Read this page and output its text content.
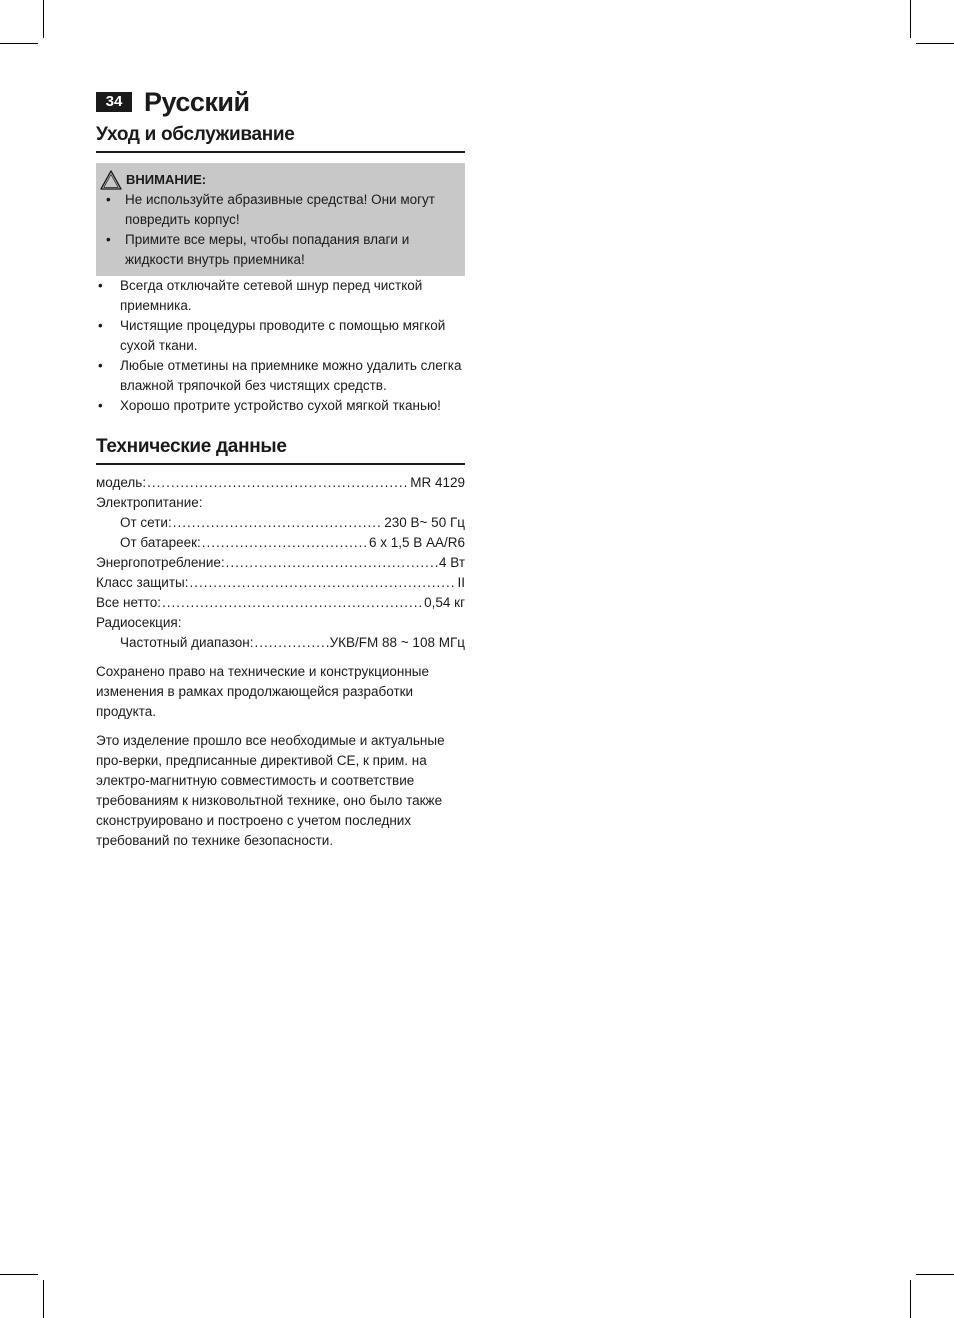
34 Русский
Уход и обслуживание
ВНИМАНИЕ:
• Не используйте абразивные средства! Они могут повредить корпус!
• Примите все меры, чтобы попадания влаги и жидкости внутрь приемника!
• Всегда отключайте сетевой шнур перед чисткой приемника.
• Чистящие процедуры проводите с помощью мягкой сухой ткани.
• Любые отметины на приемнике можно удалить слегка влажной тряпочкой без чистящих средств.
• Хорошо протрите устройство сухой мягкой тканью!
Технические данные
модель: .....	MR 4129
Электропитание:
От сети: .....	230 В~ 50 Гц
От батареек: .....	6 x 1,5 В AA/R6
Энергопотребление: .....	4 Вт
Класс защиты: .....	II
Все нетто: .....	0,54 кг
Радиосекция:
Частотный диапазон: .....	УКВ/FM 88 ~ 108 МГц

Сохранено право на технические и конструкционные изменения в рамках продолжающейся разработки продукта.

Это изделение прошло все необходимые и актуальные про-верки, предписанные директивой CE, к прим. на электро-магнитную совместимость и соответствие требованиям к низковольтной технике, оно было также сконструировано и построено с учетом последних требований по технике безопасности.
